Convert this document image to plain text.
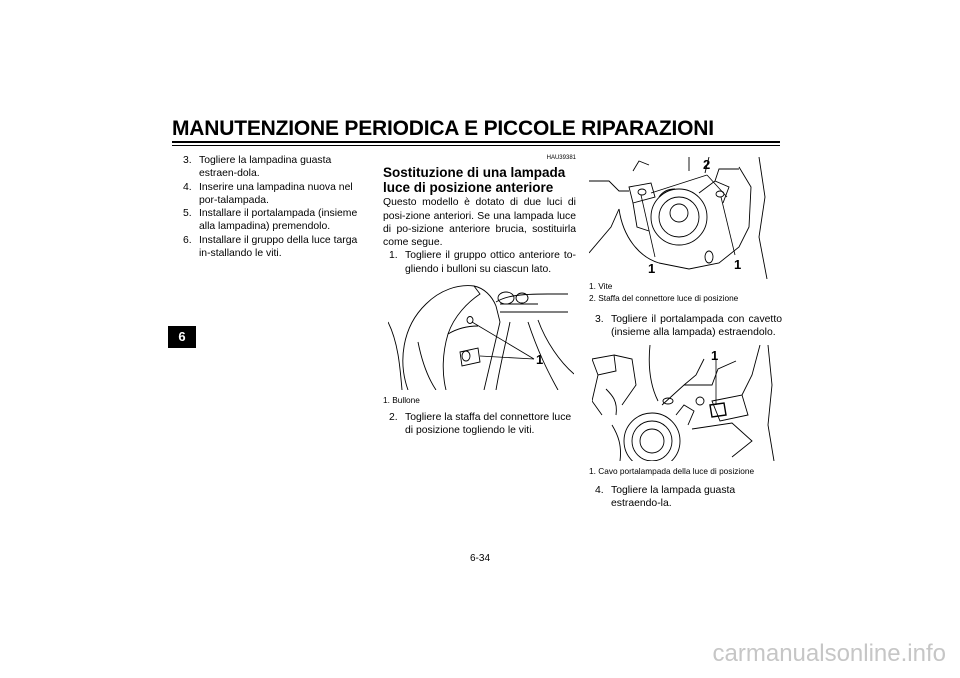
MANUTENZIONE PERIODICA E PICCOLE RIPARAZIONI
6

3. Togliere la lampadina guasta estraen-dola.

4. Inserire una lampadina nuova nel por-talampada.

5. Installare il portalampada (insieme alla lampadina) premendolo.

6. Installare il gruppo della luce targa in-stallando le viti.

HAU39381

Sostituzione di una lampada luce di posizione anteriore

Questo modello è dotato di due luci di posi-zione anteriori. Se una lampada luce di po-sizione anteriore brucia, sostituirla come segue.

1. Togliere il gruppo ottico anteriore to-gliendo i bulloni su ciascun lato.

1
1. Bullone

2. Togliere la staffa del connettore luce di posizione togliendo le viti.

2
1	1
1. Vite
2. Staffa del connettore luce di posizione

3. Togliere il portalampada con cavetto (insieme alla lampada) estraendolo.

1
1. Cavo portalampada della luce di posizione

4. Togliere la lampada guasta estraendo-la.

6-34
carmanualsonline.info
